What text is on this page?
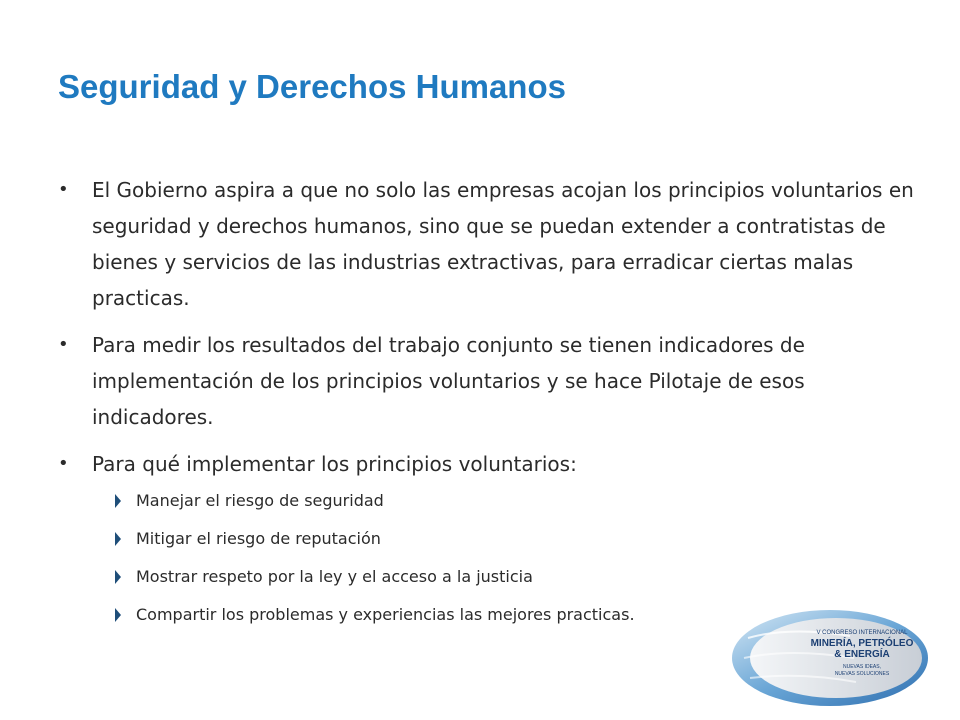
Seguridad y Derechos Humanos
• El Gobierno aspira a que no solo las empresas acojan los principios voluntarios en seguridad y derechos humanos, sino que se puedan extender a contratistas de bienes y servicios de las industrias extractivas, para erradicar ciertas malas practicas.
• Para medir los resultados del trabajo conjunto se tienen indicadores de implementación de los principios voluntarios y se hace Pilotaje de esos indicadores.
• Para qué implementar los principios voluntarios:
Manejar el riesgo de seguridad
Mitigar el riesgo de reputación
Mostrar respeto por la ley y el acceso a la justicia
Compartir los problemas y experiencias las mejores practicas.
V CONGRESO INTERNACIONAL
MINERÍA, PETRÓLEO
& ENERGÍA
NUEVAS IDEAS,
NUEVAS SOLUCIONES
